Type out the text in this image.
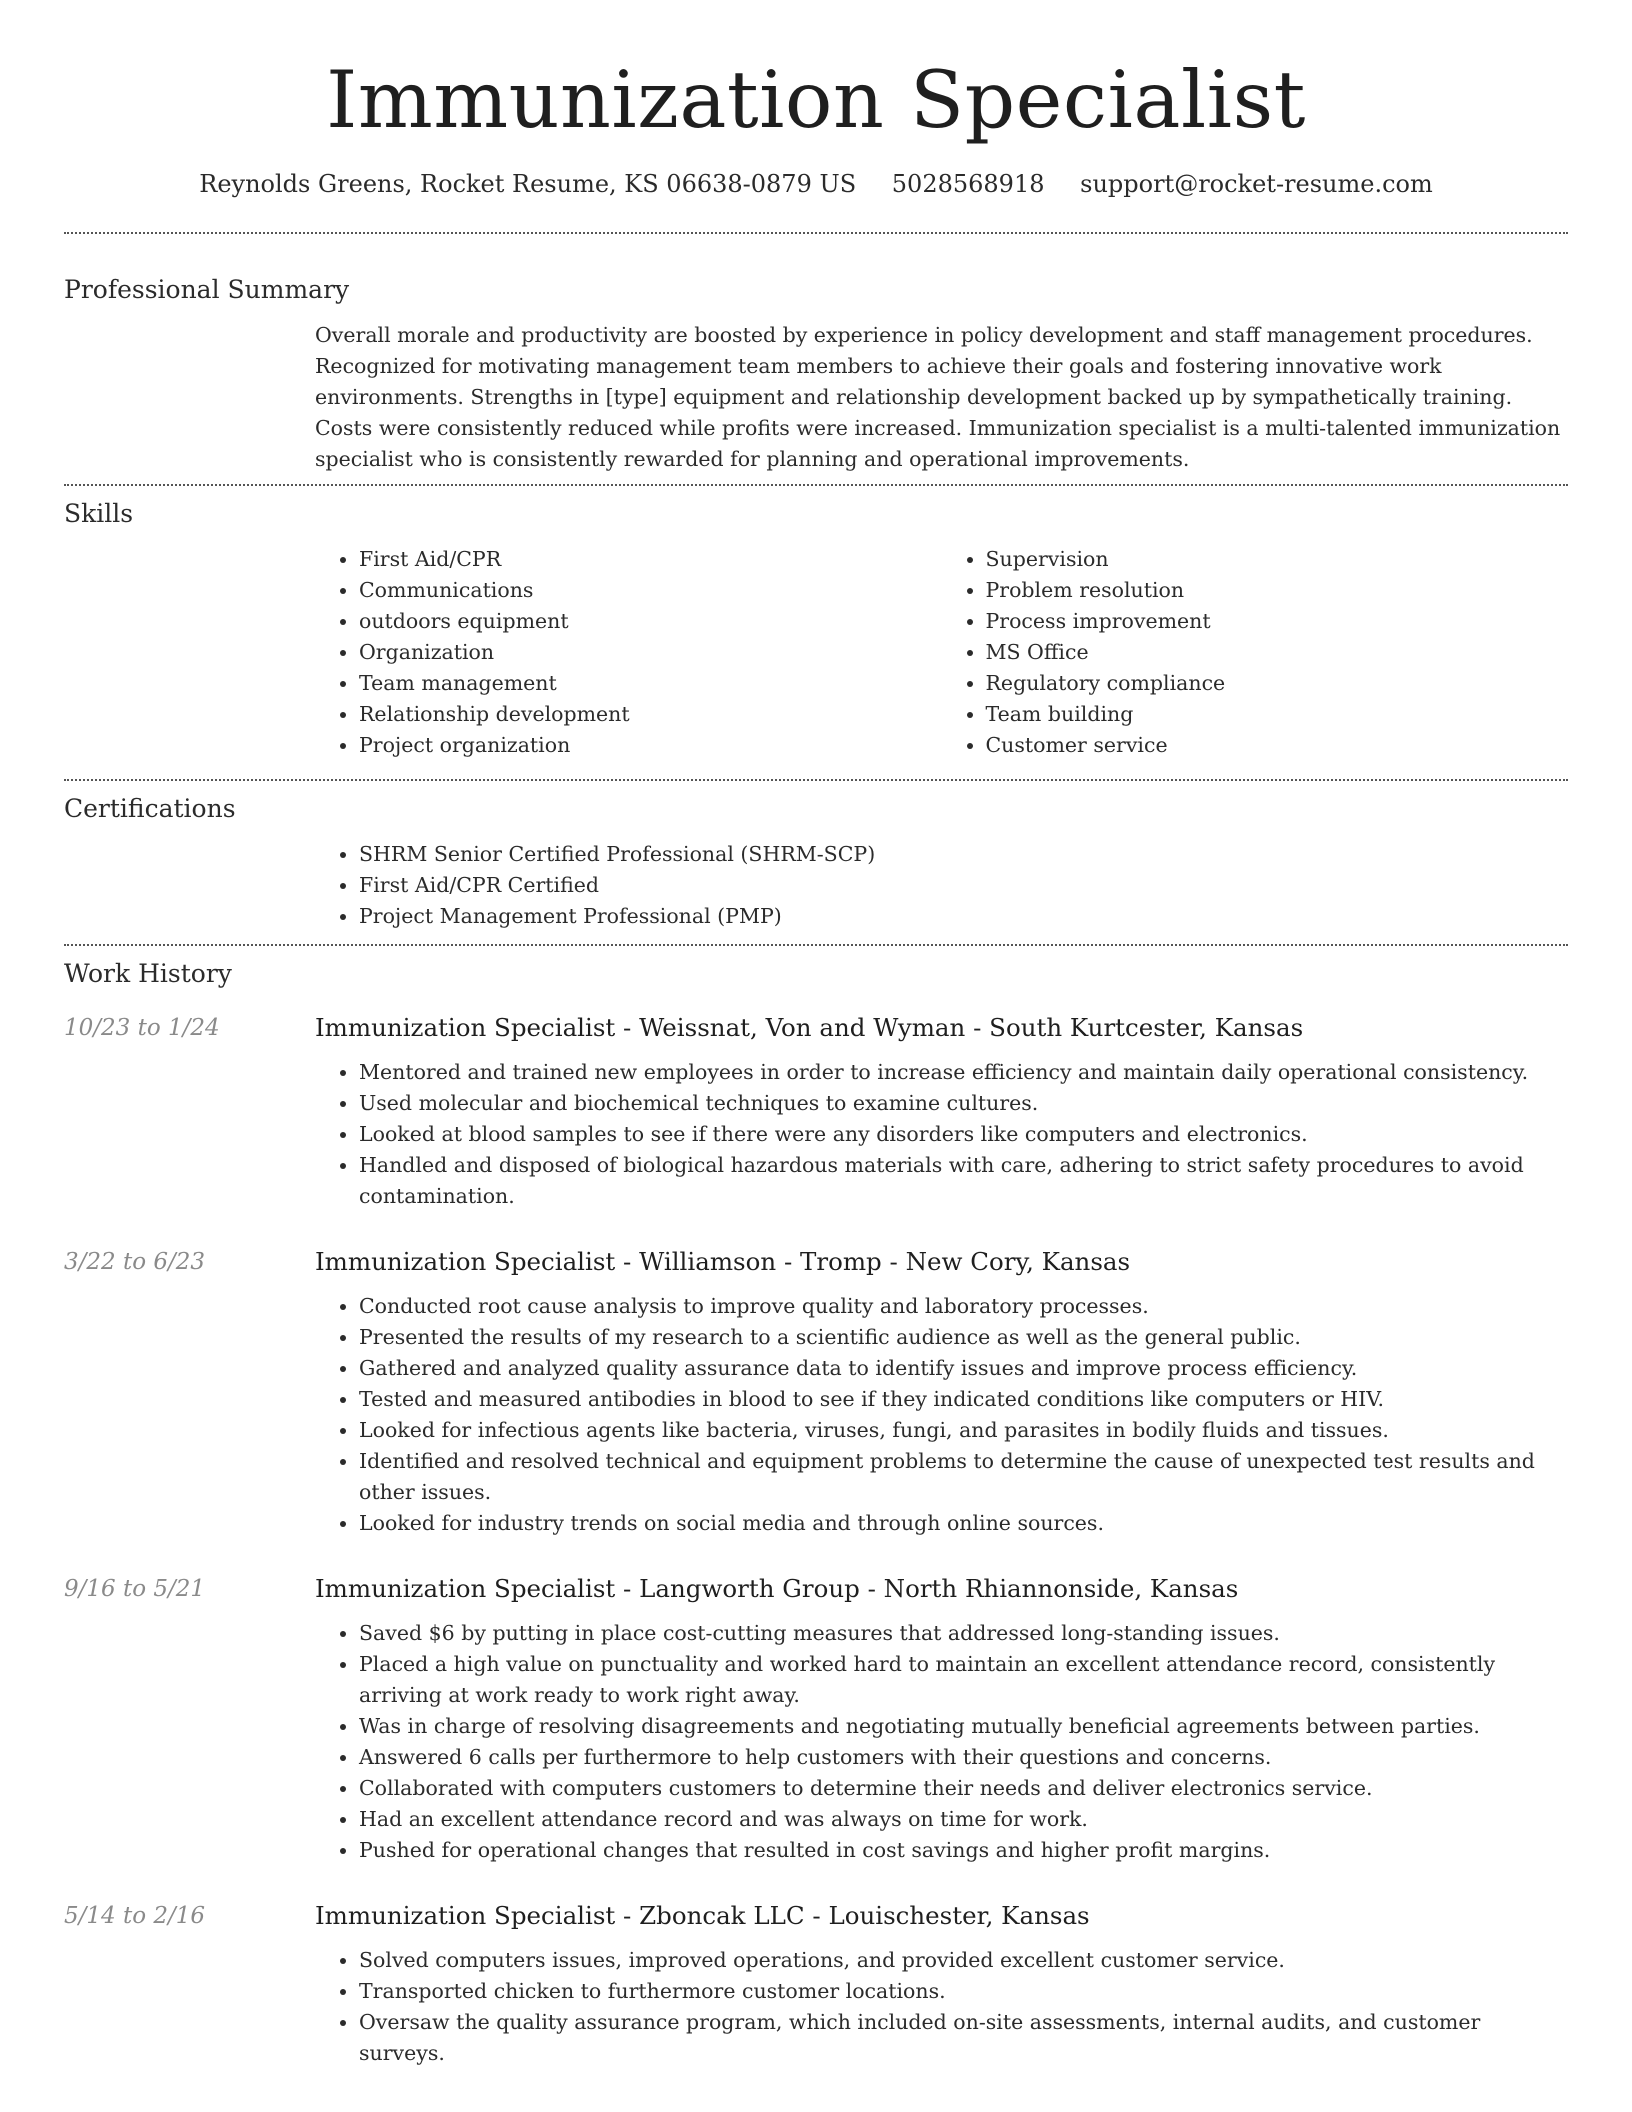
Immunization Specialist
Reynolds Greens, Rocket Resume, KS 06638-0879 US 5028568918 support@rocket-resume.com
Professional Summary

Overall morale and productivity are boosted by experience in policy development and staff management procedures. Recognized for motivating management team members to achieve their goals and fostering innovative work environments. Strengths in [type] equipment and relationship development backed up by sympathetically training. Costs were consistently reduced while profits were increased. Immunization specialist is a multi-talented immunization specialist who is consistently rewarded for planning and operational improvements.

Skills
• First Aid/CPR
• Communications
• outdoors equipment
• Organization
• Team management
• Relationship development
• Project organization
• Supervision
• Problem resolution
• Process improvement
• MS Office
• Regulatory compliance
• Team building
• Customer service
Certifications
• SHRM Senior Certified Professional (SHRM-SCP)
• First Aid/CPR Certified
• Project Management Professional (PMP)
Work History
10/23 to 1/24	Immunization Specialist - Weissnat, Von and Wyman - South Kurtcester, Kansas
• Mentored and trained new employees in order to increase efficiency and maintain daily operational consistency.
• Used molecular and biochemical techniques to examine cultures.
• Looked at blood samples to see if there were any disorders like computers and electronics.
• Handled and disposed of biological hazardous materials with care, adhering to strict safety procedures to avoid contamination.
3/22 to 6/23	Immunization Specialist - Williamson - Tromp - New Cory, Kansas
• Conducted root cause analysis to improve quality and laboratory processes.
• Presented the results of my research to a scientific audience as well as the general public.
• Gathered and analyzed quality assurance data to identify issues and improve process efficiency.
• Tested and measured antibodies in blood to see if they indicated conditions like computers or HIV.
• Looked for infectious agents like bacteria, viruses, fungi, and parasites in bodily fluids and tissues.
• Identified and resolved technical and equipment problems to determine the cause of unexpected test results and other issues.
• Looked for industry trends on social media and through online sources.
9/16 to 5/21	Immunization Specialist - Langworth Group - North Rhiannonside, Kansas
• Saved $6 by putting in place cost-cutting measures that addressed long-standing issues.
• Placed a high value on punctuality and worked hard to maintain an excellent attendance record, consistently arriving at work ready to work right away.
• Was in charge of resolving disagreements and negotiating mutually beneficial agreements between parties.
• Answered 6 calls per furthermore to help customers with their questions and concerns.
• Collaborated with computers customers to determine their needs and deliver electronics service.
• Had an excellent attendance record and was always on time for work.
• Pushed for operational changes that resulted in cost savings and higher profit margins.
5/14 to 2/16	Immunization Specialist - Zboncak LLC - Louischester, Kansas
• Solved computers issues, improved operations, and provided excellent customer service.
• Transported chicken to furthermore customer locations.
• Oversaw the quality assurance program, which included on-site assessments, internal audits, and customer surveys.
